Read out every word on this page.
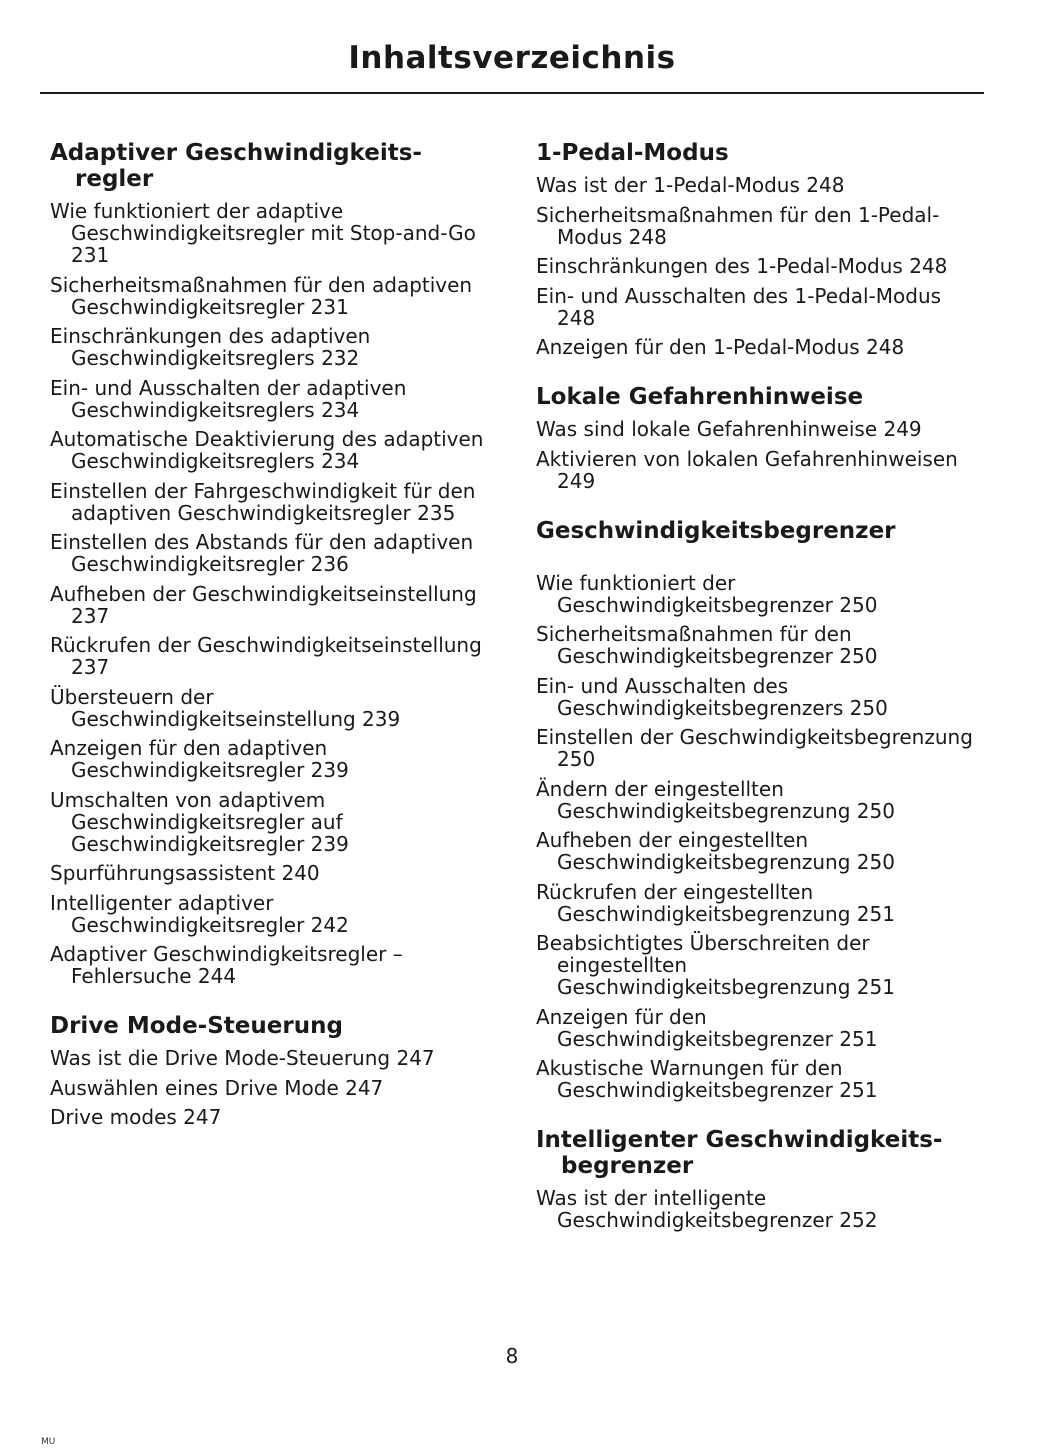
Inhaltsverzeichnis
Adaptiver Geschwindigkeits- regler
Wie funktioniert der adaptive Geschwindigkeitsregler mit Stop-and-Go 231
Sicherheitsmaßnahmen für den adaptiven Geschwindigkeitsregler 231
Einschränkungen des adaptiven Geschwindigkeitsreglers 232
Ein- und Ausschalten der adaptiven Geschwindigkeitsreglers 234
Automatische Deaktivierung des adaptiven Geschwindigkeitsreglers 234
Einstellen der Fahrgeschwindigkeit für den adaptiven Geschwindigkeitsregler 235
Einstellen des Abstands für den adaptiven Geschwindigkeitsregler 236
Aufheben der Geschwindigkeitseinstellung 237
Rückrufen der Geschwindigkeitseinstellung 237
Übersteuern der Geschwindigkeitseinstellung 239
Anzeigen für den adaptiven Geschwindigkeitsregler 239
Umschalten von adaptivem Geschwindigkeitsregler auf Geschwindigkeitsregler 239
Spurführungsassistent 240
Intelligenter adaptiver Geschwindigkeitsregler 242
Adaptiver Geschwindigkeitsregler – Fehlersuche 244
Drive Mode-Steuerung
Was ist die Drive Mode-Steuerung 247
Auswählen eines Drive Mode 247
Drive modes 247
1-Pedal-Modus
Was ist der 1-Pedal-Modus 248
Sicherheitsmaßnahmen für den 1-Pedal-Modus 248
Einschränkungen des 1-Pedal-Modus 248
Ein- und Ausschalten des 1-Pedal-Modus 248
Anzeigen für den 1-Pedal-Modus 248
Lokale Gefahrenhinweise
Was sind lokale Gefahrenhinweise 249
Aktivieren von lokalen Gefahrenhinweisen 249
Geschwindigkeitsbegrenzer
Wie funktioniert der Geschwindigkeitsbegrenzer 250
Sicherheitsmaßnahmen für den Geschwindigkeitsbegrenzer 250
Ein- und Ausschalten des Geschwindigkeitsbegrenzers 250
Einstellen der Geschwindigkeitsbegrenzung 250
Ändern der eingestellten Geschwindigkeitsbegrenzung 250
Aufheben der eingestellten Geschwindigkeitsbegrenzung 250
Rückrufen der eingestellten Geschwindigkeitsbegrenzung 251
Beabsichtigtes Überschreiten der eingestellten Geschwindigkeitsbegrenzung 251
Anzeigen für den Geschwindigkeitsbegrenzer 251
Akustische Warnungen für den Geschwindigkeitsbegrenzer 251
Intelligenter Geschwindigkeits- begrenzer
Was ist der intelligente Geschwindigkeitsbegrenzer 252
8
MU
